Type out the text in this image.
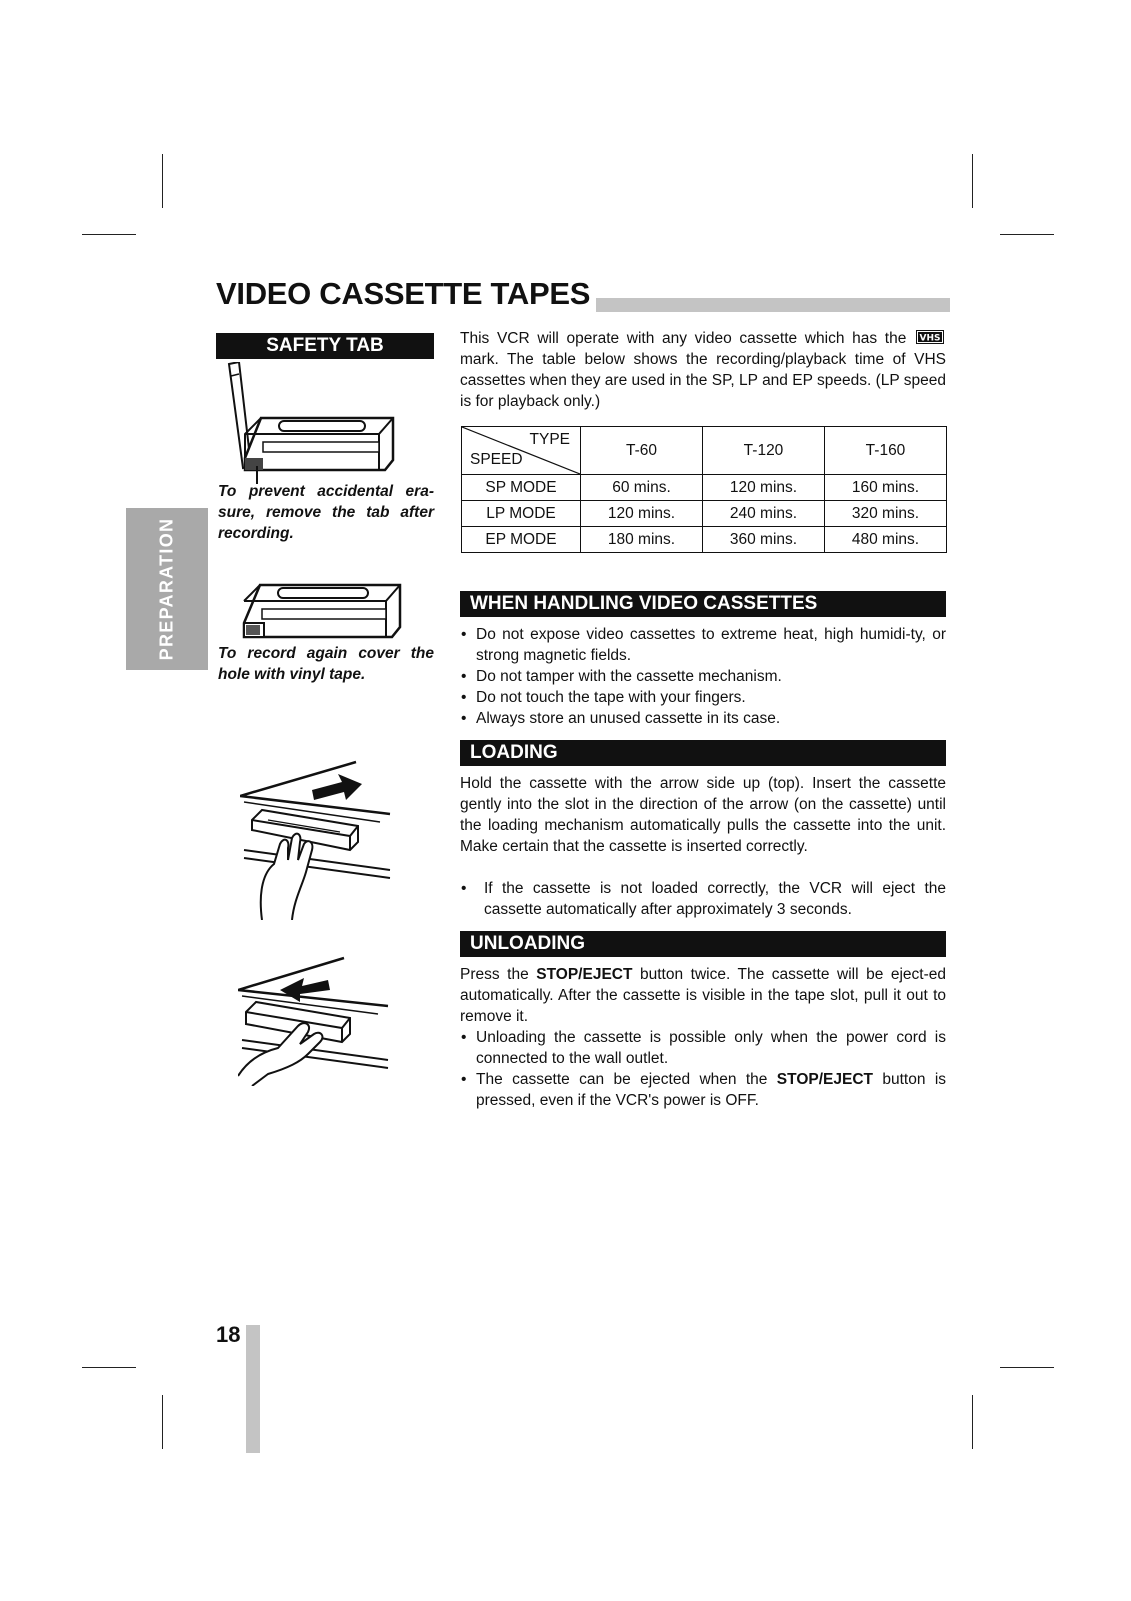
VIDEO CASSETTE TAPES
PREPARATION
SAFETY TAB

To prevent accidental era-sure, remove the tab after recording.

To record again cover the hole with vinyl tape.

This VCR will operate with any video cassette which has the VHS
mark. The table below shows the recording/playback time of VHS cassettes when they are used in the SP, LP and EP speeds. (LP speed is for playback only.)

TYPE
SPEED	T-60	T-120	T-160
SP MODE	60 mins.	120 mins.	160 mins.
LP MODE	120 mins.	240 mins.	320 mins.
EP MODE	180 mins.	360 mins.	480 mins.
WHEN HANDLING VIDEO CASSETTES
• Do not expose video cassettes to extreme heat, high humidi-ty, or strong magnetic fields.
• Do not tamper with the cassette mechanism.
• Do not touch the tape with your fingers.
• Always store an unused cassette in its case.
LOADING

Hold the cassette with the arrow side up (top). Insert the cassette gently into the slot in the direction of the arrow (on the cassette) until the loading mechanism automatically pulls the cassette into the unit. Make certain that the cassette is inserted correctly.

• If the cassette is not loaded correctly, the VCR will eject the cassette automatically after approximately 3 seconds.
UNLOADING

Press the STOP/EJECT button twice. The cassette will be eject-ed automatically. After the cassette is visible in the tape slot, pull it out to remove it.

• Unloading the cassette is possible only when the power cord is connected to the wall outlet.
• The cassette can be ejected when the STOP/EJECT button is pressed, even if the VCR's power is OFF.
18
